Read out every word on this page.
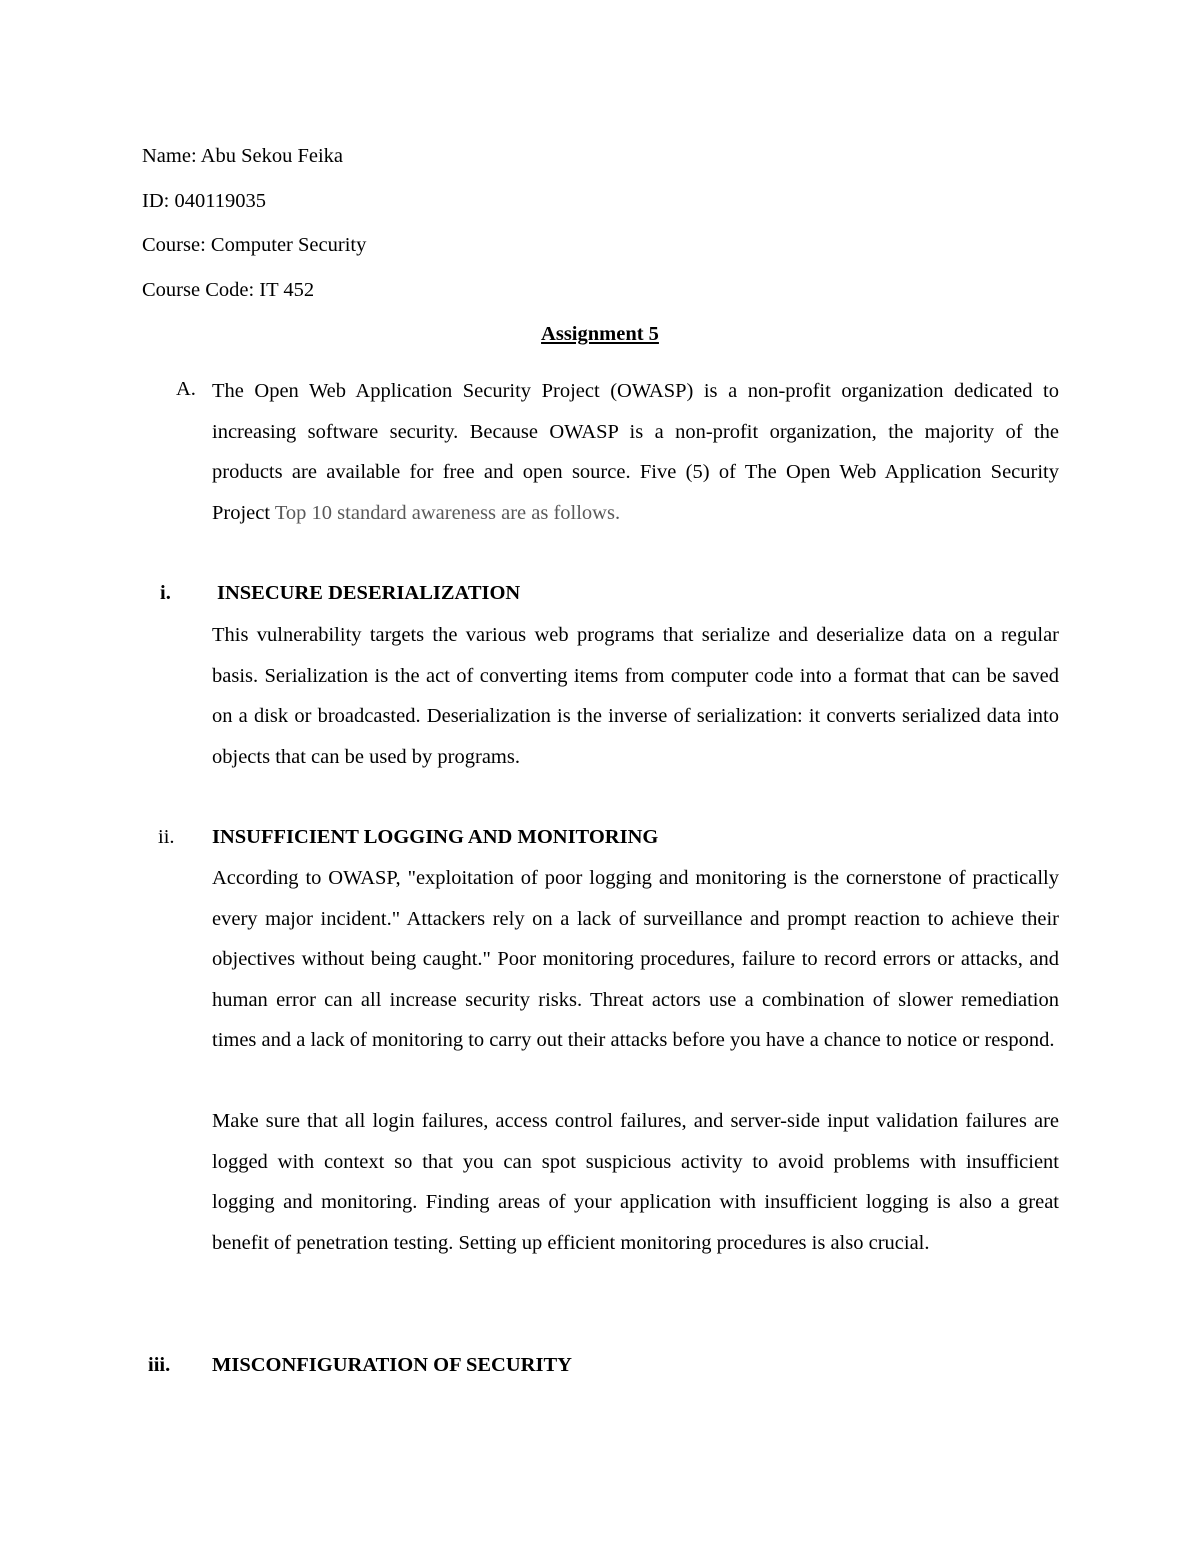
Name: Abu Sekou Feika
ID: 040119035
Course: Computer Security
Course Code: IT 452
Assignment 5
A. The Open Web Application Security Project (OWASP) is a non-profit organization dedicated to increasing software security. Because OWASP is a non-profit organization, the majority of the products are available for free and open source. Five (5) of The Open Web Application Security Project Top 10 standard awareness are as follows.
i. INSECURE DESERIALIZATION
This vulnerability targets the various web programs that serialize and deserialize data on a regular basis. Serialization is the act of converting items from computer code into a format that can be saved on a disk or broadcasted. Deserialization is the inverse of serialization: it converts serialized data into objects that can be used by programs.
ii. INSUFFICIENT LOGGING AND MONITORING
According to OWASP, "exploitation of poor logging and monitoring is the cornerstone of practically every major incident." Attackers rely on a lack of surveillance and prompt reaction to achieve their objectives without being caught." Poor monitoring procedures, failure to record errors or attacks, and human error can all increase security risks. Threat actors use a combination of slower remediation times and a lack of monitoring to carry out their attacks before you have a chance to notice or respond.
Make sure that all login failures, access control failures, and server-side input validation failures are logged with context so that you can spot suspicious activity to avoid problems with insufficient logging and monitoring. Finding areas of your application with insufficient logging is also a great benefit of penetration testing. Setting up efficient monitoring procedures is also crucial.
iii. MISCONFIGURATION OF SECURITY
